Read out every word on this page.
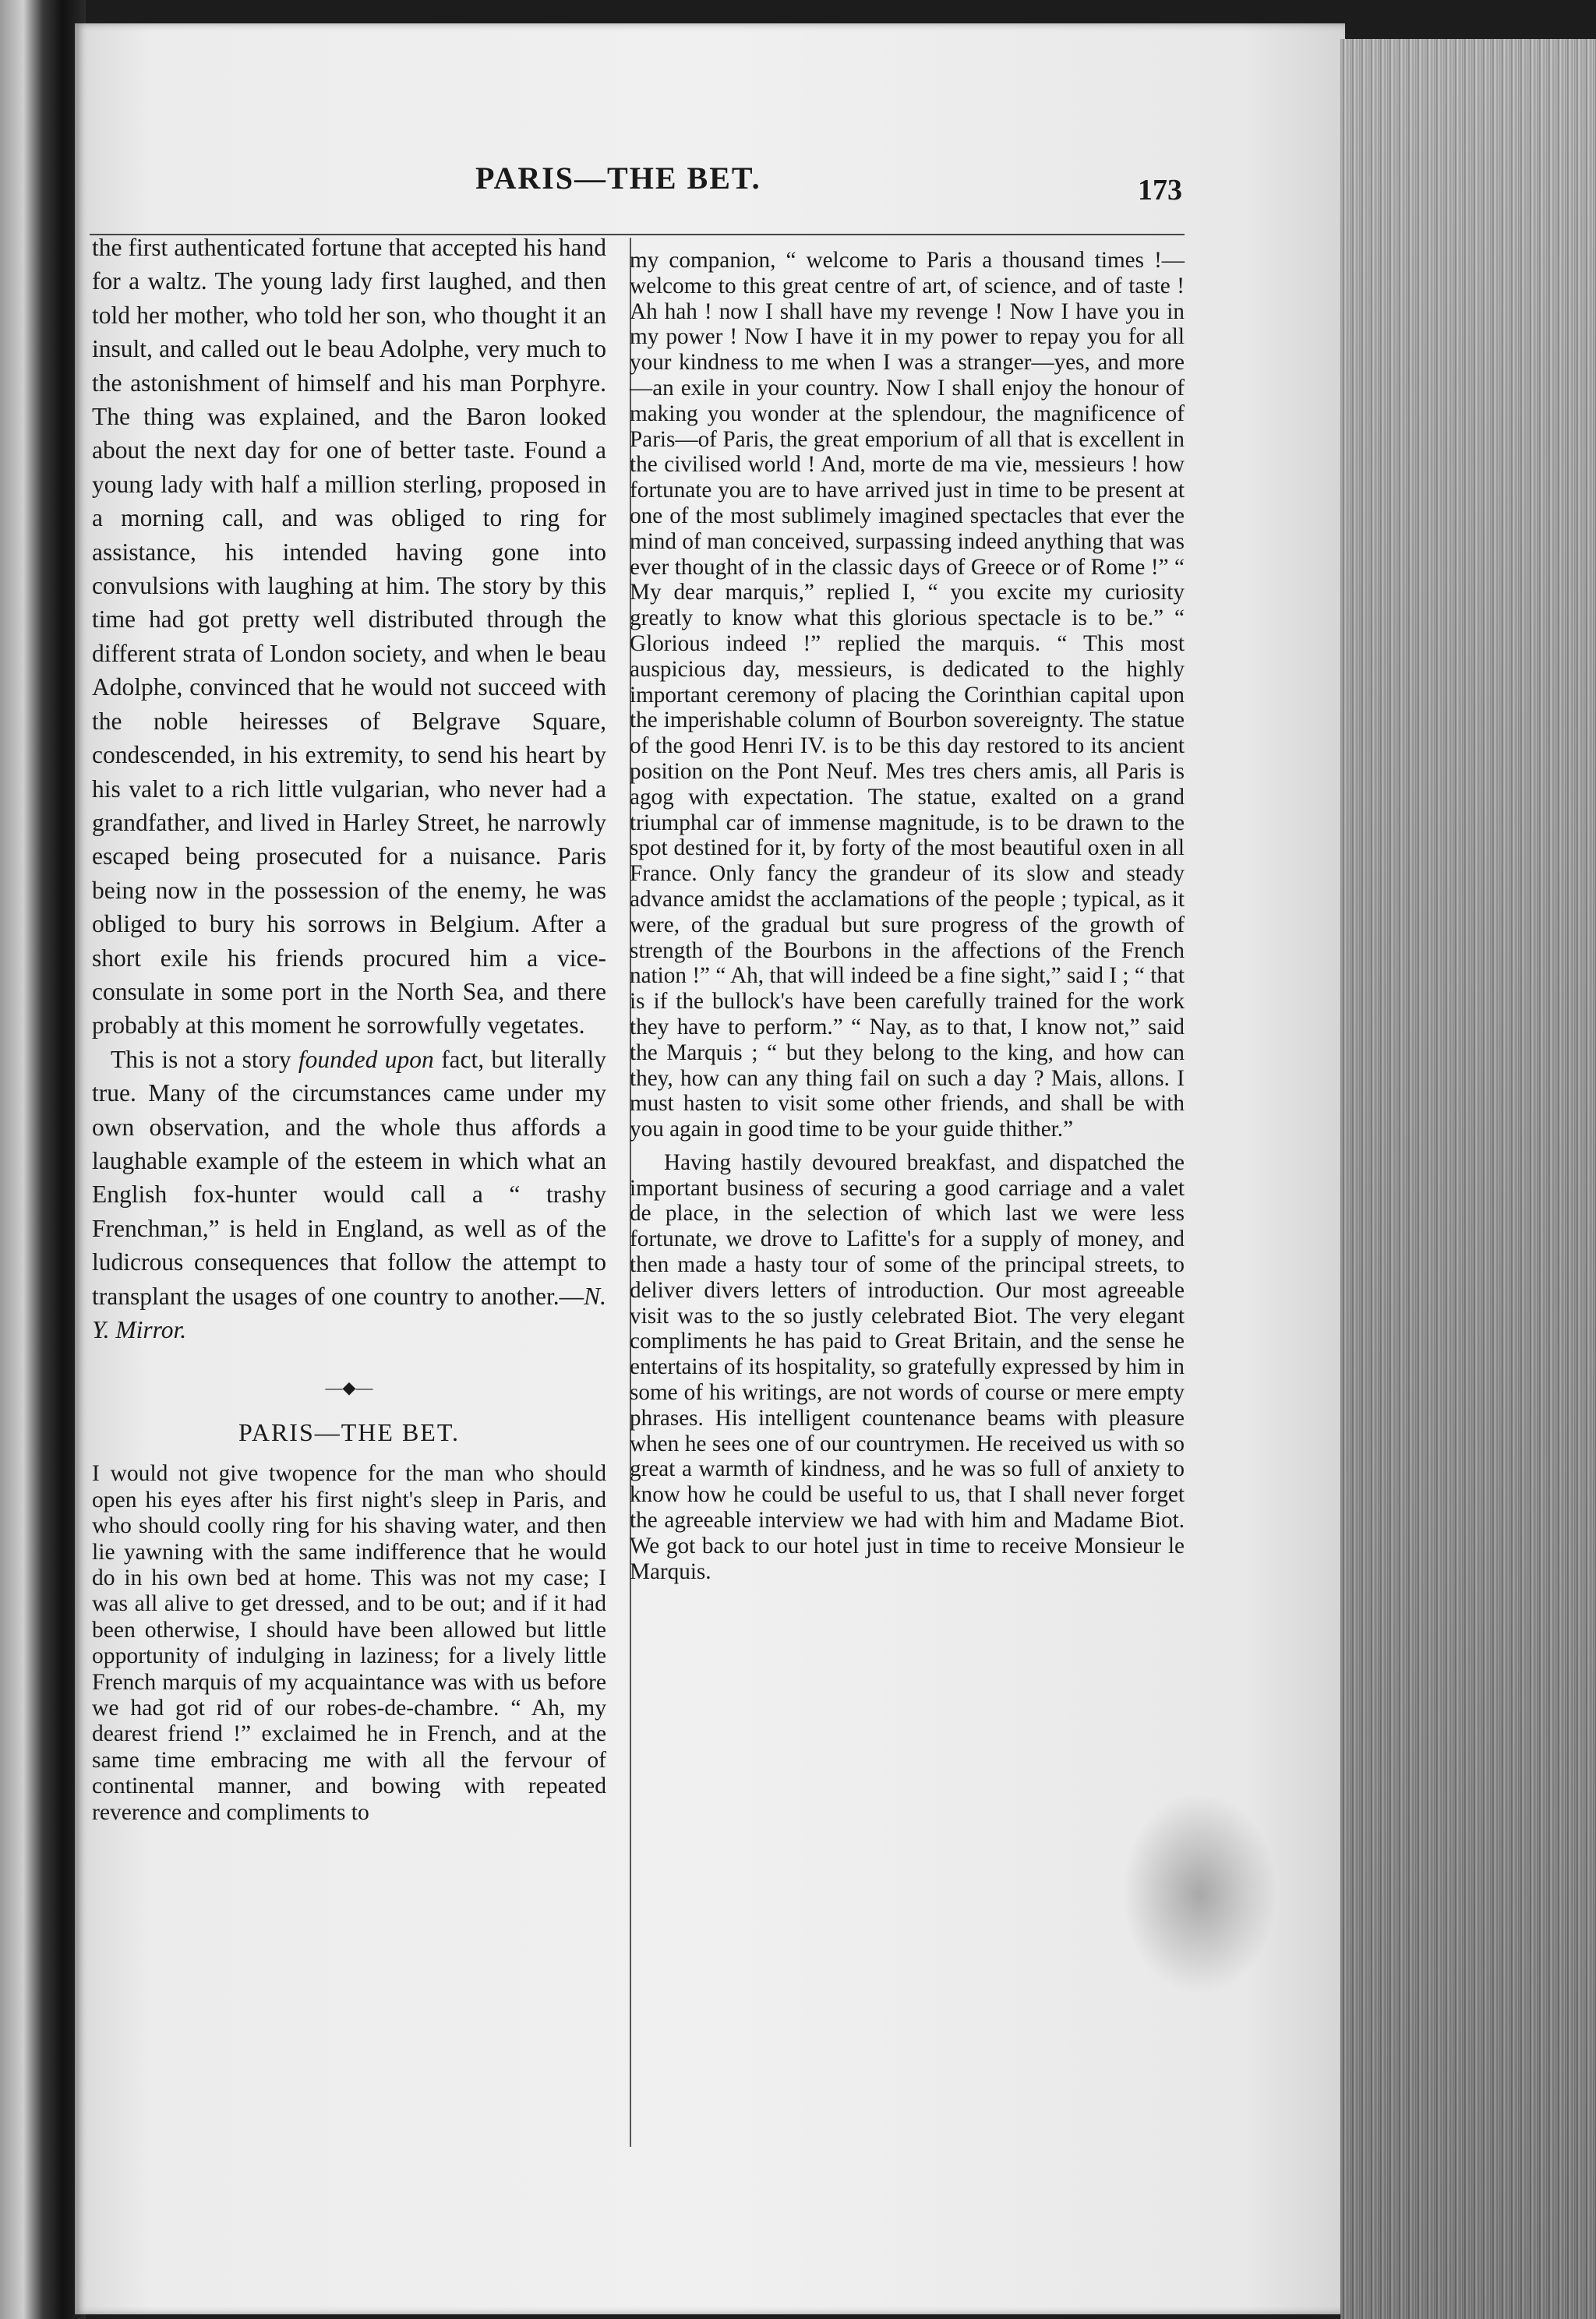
PARIS—THE BET.	173

the first authenticated fortune that accepted his hand for a waltz. The young lady first laughed, and then told her mother, who told her son, who thought it an insult, and called out le beau Adolphe, very much to the astonishment of himself and his man Porphyre. The thing was explained, and the Baron looked about the next day for one of better taste. Found a young lady with half a million sterling, proposed in a morning call, and was obliged to ring for assistance, his intended having gone into convulsions with laughing at him. The story by this time had got pretty well distributed through the different strata of London society, and when le beau Adolphe, convinced that he would not succeed with the noble heiresses of Belgrave Square, condescended, in his extremity, to send his heart by his valet to a rich little vulgarian, who never had a grandfather, and lived in Harley Street, he narrowly escaped being prosecuted for a nuisance. Paris being now in the possession of the enemy, he was obliged to bury his sorrows in Belgium. After a short exile his friends procured him a vice-consulate in some port in the North Sea, and there probably at this moment he sorrowfully vegetates.

This is not a story founded upon fact, but literally true. Many of the circumstances came under my own observation, and the whole thus affords a laughable example of the esteem in which what an English fox-hunter would call a “ trashy Frenchman,” is held in England, as well as of the ludicrous consequences that follow the attempt to transplant the usages of one country to another.—N. Y. Mirror.

—◆—
PARIS—THE BET.

I would not give twopence for the man who should open his eyes after his first night's sleep in Paris, and who should coolly ring for his shaving water, and then lie yawning with the same indifference that he would do in his own bed at home. This was not my case; I was all alive to get dressed, and to be out; and if it had been otherwise, I should have been allowed but little opportunity of indulging in laziness; for a lively little French marquis of my acquaintance was with us before we had got rid of our robes-de-chambre. “ Ah, my dearest friend !” exclaimed he in French, and at the same time embracing me with all the fervour of continental manner, and bowing with repeated reverence and compliments to

my companion, “ welcome to Paris a thousand times !—welcome to this great centre of art, of science, and of taste ! Ah hah ! now I shall have my revenge ! Now I have you in my power ! Now I have it in my power to repay you for all your kindness to me when I was a stranger—yes, and more—an exile in your country. Now I shall enjoy the honour of making you wonder at the splendour, the magnificence of Paris—of Paris, the great emporium of all that is excellent in the civilised world ! And, morte de ma vie, messieurs ! how fortunate you are to have arrived just in time to be present at one of the most sublimely imagined spectacles that ever the mind of man conceived, surpassing indeed anything that was ever thought of in the classic days of Greece or of Rome !” “ My dear marquis,” replied I, “ you excite my curiosity greatly to know what this glorious spectacle is to be.” “ Glorious indeed !” replied the marquis. “ This most auspicious day, messieurs, is dedicated to the highly important ceremony of placing the Corinthian capital upon the imperishable column of Bourbon sovereignty. The statue of the good Henri IV. is to be this day restored to its ancient position on the Pont Neuf. Mes tres chers amis, all Paris is agog with expectation. The statue, exalted on a grand triumphal car of immense magnitude, is to be drawn to the spot destined for it, by forty of the most beautiful oxen in all France. Only fancy the grandeur of its slow and steady advance amidst the acclamations of the people ; typical, as it were, of the gradual but sure progress of the growth of strength of the Bourbons in the affections of the French nation !” “ Ah, that will indeed be a fine sight,” said I ; “ that is if the bullock's have been carefully trained for the work they have to perform.” “ Nay, as to that, I know not,” said the Marquis ; “ but they belong to the king, and how can they, how can any thing fail on such a day ? Mais, allons. I must hasten to visit some other friends, and shall be with you again in good time to be your guide thither.”

Having hastily devoured breakfast, and dispatched the important business of securing a good carriage and a valet de place, in the selection of which last we were less fortunate, we drove to Lafitte's for a supply of money, and then made a hasty tour of some of the principal streets, to deliver divers letters of introduction. Our most agreeable visit was to the so justly celebrated Biot. The very elegant compliments he has paid to Great Britain, and the sense he entertains of its hospitality, so gratefully expressed by him in some of his writings, are not words of course or mere empty phrases. His intelligent countenance beams with pleasure when he sees one of our countrymen. He received us with so great a warmth of kindness, and he was so full of anxiety to know how he could be useful to us, that I shall never forget the agreeable interview we had with him and Madame Biot. We got back to our hotel just in time to receive Monsieur le Marquis.
